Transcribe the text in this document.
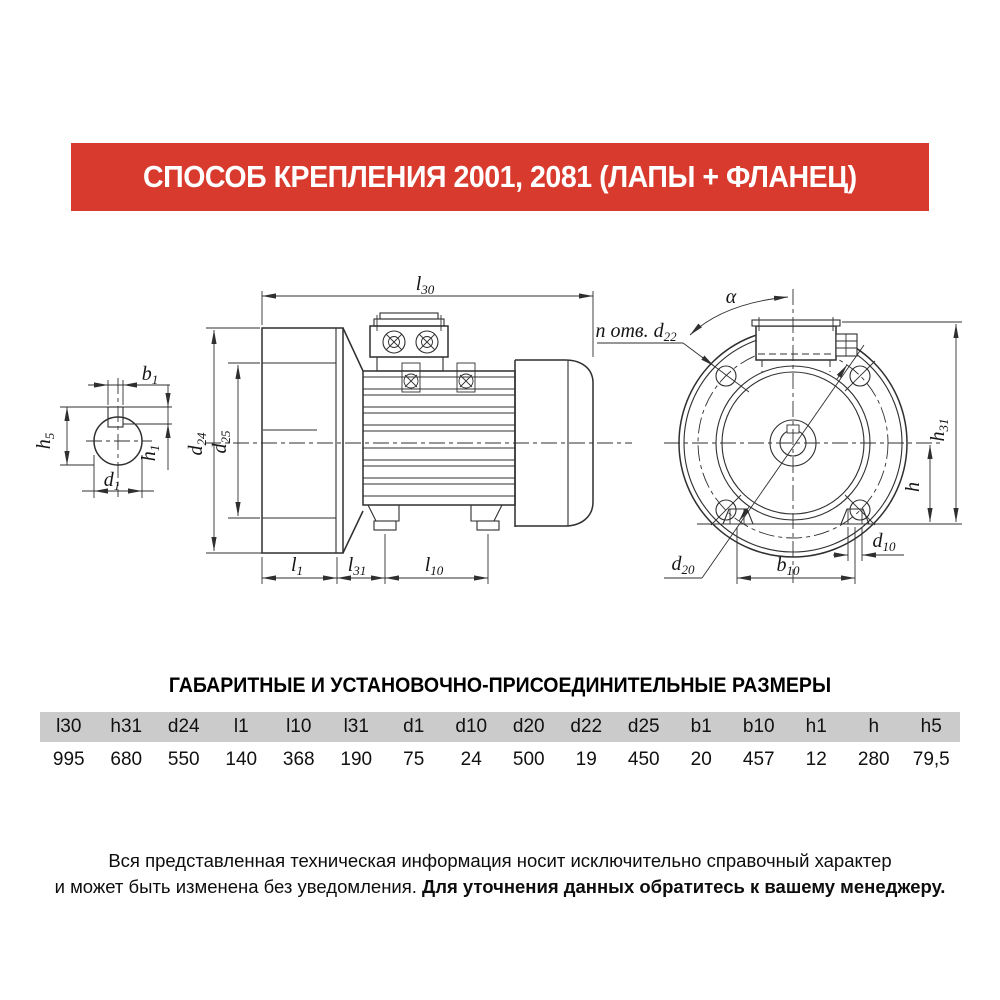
СПОСОБ КРЕПЛЕНИЯ 2001, 2081 (ЛАПЫ + ФЛАНЕЦ)
$b_1$
$h_1$
$h_5$
$d_1$
$l_{30}$
$d_{24}$
$d_{25}$
$l_1$ $l_{31}$	$l_{10}$
α
n отв. $d_{22}$
$d_{20}$	$b_{10}$
$d_{10}$
h
$h_{31}$
ГАБАРИТНЫЕ И УСТАНОВОЧНО-ПРИСОЕДИНИТЕЛЬНЫЕ РАЗМЕРЫ
l30	h31	d24	l1	l10	l31	d1	d10	d20	d22	d25	b1	b10	h1	h	h5
995	680	550	140	368	190	75	24	500	19	450	20	457	12	280	79,5
Вся представленная техническая информация носит исключительно справочный характер
и может быть изменена без уведомления. Для уточнения данных обратитесь к вашему менеджеру.
